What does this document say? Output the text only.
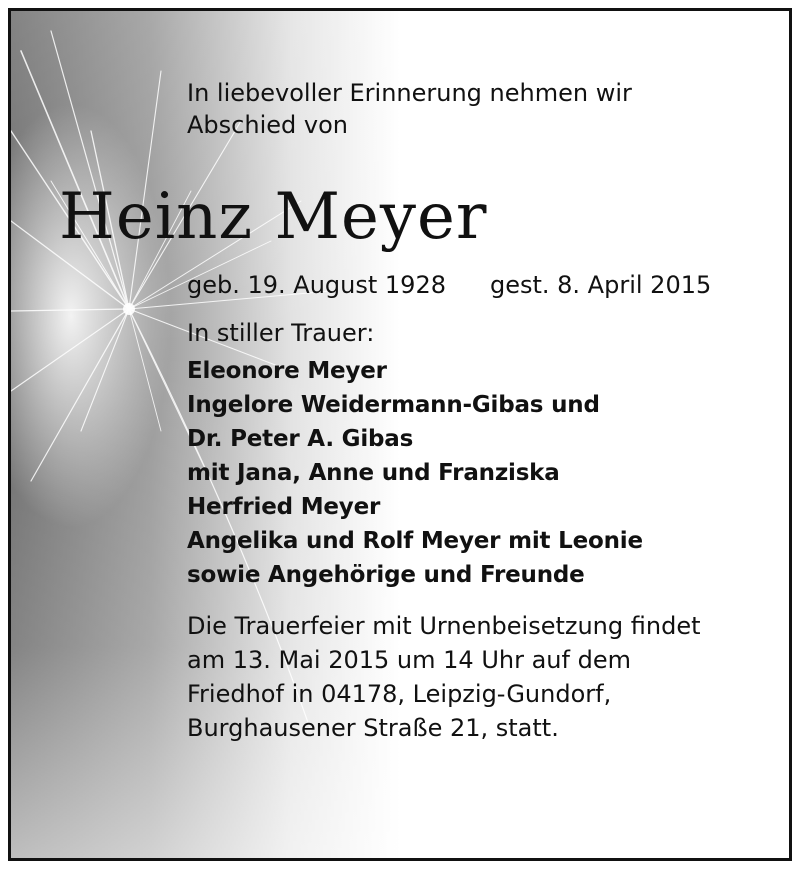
In liebevoller Erinnerung nehmen wir

Abschied von

Heinz Meyer

geb. 19. August 1928 gest. 8. April 2015

In stiller Trauer:

Eleonore Meyer

Ingelore Weidermann-Gibas und

Dr. Peter A. Gibas

mit Jana, Anne und Franziska

Herfried Meyer

Angelika und Rolf Meyer mit Leonie

sowie Angehörige und Freunde

Die Trauerfeier mit Urnenbeisetzung findet

am 13. Mai 2015 um 14 Uhr auf dem

Friedhof in 04178, Leipzig-Gundorf,

Burghausener Straße 21, statt.
